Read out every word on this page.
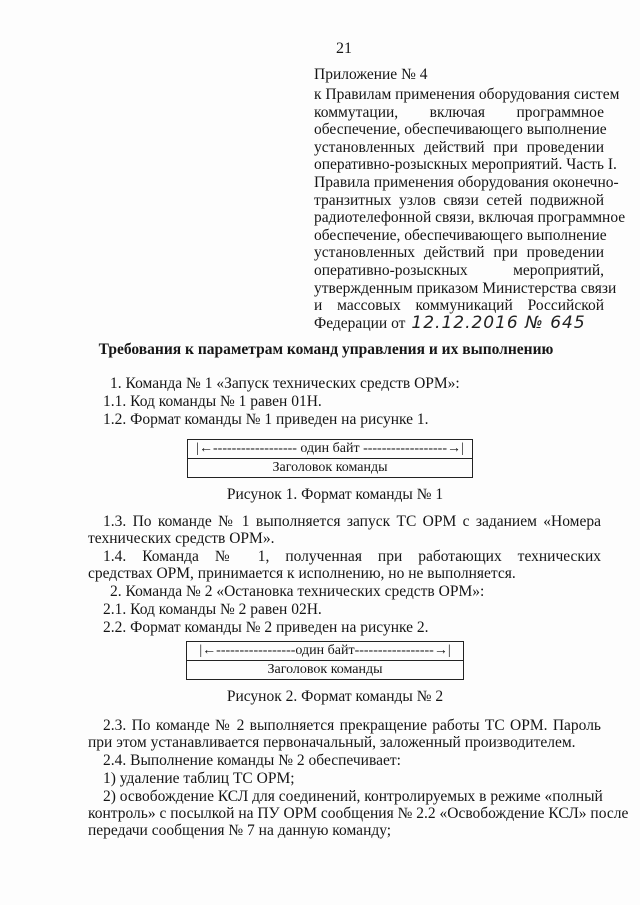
21
Приложение № 4
к Правилам применения оборудования систем
коммутации, включая программное
обеспечение, обеспечивающего выполнение
установленных действий при проведении
оперативно-розыскных мероприятий. Часть I.
Правила применения оборудования оконечно-
транзитных узлов связи сетей подвижной
радиотелефонной связи, включая программное
обеспечение, обеспечивающего выполнение
установленных действий при проведении
оперативно-розыскных мероприятий,
утвержденным приказом Министерства связи
и массовых коммуникаций Российской
Федерации от 12.12.2016 № 645
Требования к параметрам команд управления и их выполнению
1. Команда № 1 «Запуск технических средств ОРМ»:
1.1. Код команды № 1 равен 01Н.
1.2. Формат команды № 1 приведен на рисунке 1.
|←------------------ один байт ------------------→|
Заголовок команды
Рисунок 1. Формат команды № 1
1.3. По команде № 1 выполняется запуск ТС ОРМ с заданием «Номера
технических средств ОРМ».
1.4. Команда № 1, полученная при работающих технических
средствах ОРМ, принимается к исполнению, но не выполняется.
2. Команда № 2 «Остановка технических средств ОРМ»:
2.1. Код команды № 2 равен 02Н.
2.2. Формат команды № 2 приведен на рисунке 2.
|←-----------------один байт-----------------→|
Заголовок команды
Рисунок 2. Формат команды № 2
2.3. По команде № 2 выполняется прекращение работы ТС ОРМ. Пароль
при этом устанавливается первоначальный, заложенный производителем.
2.4. Выполнение команды № 2 обеспечивает:
1) удаление таблиц ТС ОРМ;
2) освобождение КСЛ для соединений, контролируемых в режиме «полный
контроль» с посылкой на ПУ ОРМ сообщения № 2.2 «Освобождение КСЛ» после
передачи сообщения № 7 на данную команду;
